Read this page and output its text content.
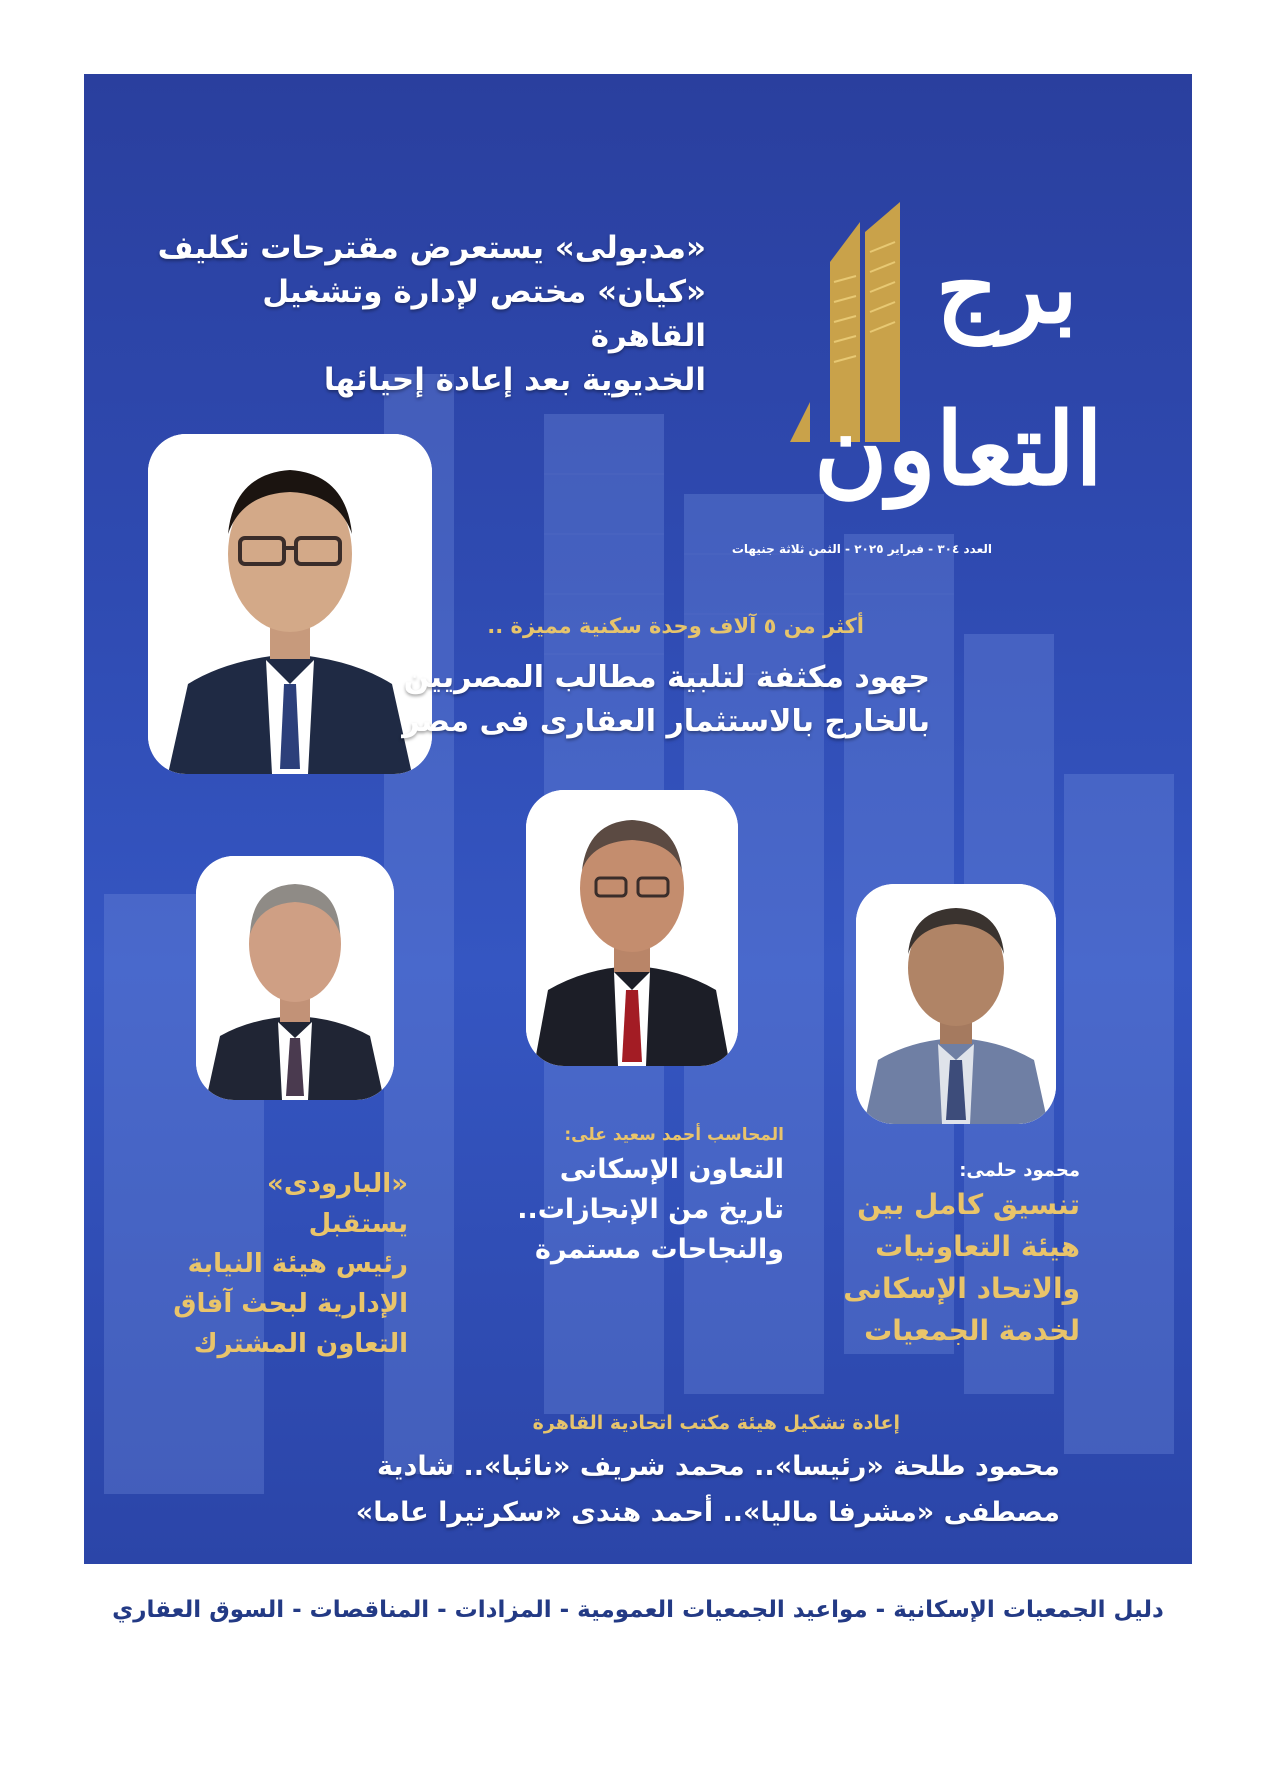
برج
التعاون
العدد ٣٠٤ - فبراير ٢٠٢٥ - الثمن ثلاثة جنيهات
«مدبولى» يستعرض مقترحات تكليف
«كيان» مختص لإدارة وتشغيل القاهرة
الخديوية بعد إعادة إحيائها
أكثر من ٥ آلاف وحدة سكنية مميزة ..
جهود مكثفة لتلبية مطالب المصريين
بالخارج بالاستثمار العقارى فى مصر
محمود حلمى:
تنسيق كامل بين
هيئة التعاونيات
والاتحاد الإسكانى
لخدمة الجمعيات
المحاسب أحمد سعيد على:
التعاون الإسكانى
تاريخ من الإنجازات..
والنجاحات مستمرة
«البارودى» يستقبل
رئيس هيئة النيابة
الإدارية لبحث آفاق
التعاون المشترك
إعادة تشكيل هيئة مكتب اتحادية القاهرة
محمود طلحة «رئيسا».. محمد شريف «نائبا».. شادية
مصطفى «مشرفا ماليا».. أحمد هندى «سكرتيرا عاما»
دليل الجمعيات الإسكانية - مواعيد الجمعيات العمومية - المزادات - المناقصات - السوق العقاري
